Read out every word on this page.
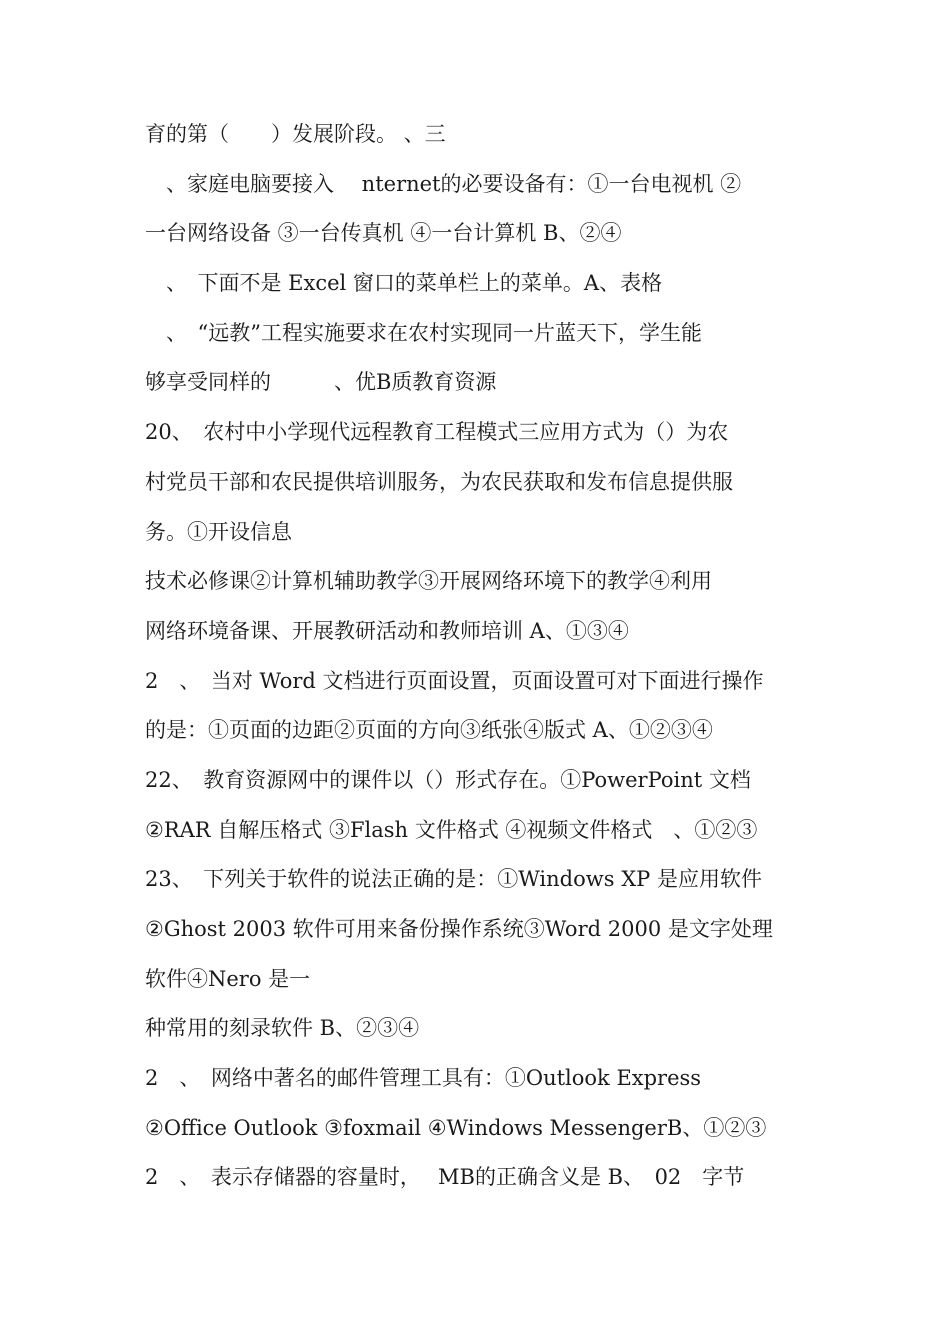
育的第（　　）发展阶段。 、三
　、家庭电脑要接入　 nternet的必要设备有：①一台电视机 ②
一台网络设备 ③一台传真机 ④一台计算机 B、②④
　、　下面不是 Excel 窗口的菜单栏上的菜单。A、表格
　、　“远教”工程实施要求在农村实现同一片蓝天下，学生能
够享受同样的　　　、优B质教育资源
20、　农村中小学现代远程教育工程模式三应用方式为（）为农
村党员干部和农民提供培训服务，为农民获取和发布信息提供服
务。①开设信息
技术必修课②计算机辅助教学③开展网络环境下的教学④利用
网络环境备课、开展教研活动和教师培训 A、①③④
2　、　当对 Word 文档进行页面设置，页面设置可对下面进行操作
的是：①页面的边距②页面的方向③纸张④版式 A、①②③④
22、　教育资源网中的课件以（）形式存在。①PowerPoint 文档
②RAR 自解压格式 ③Flash 文件格式 ④视频文件格式　、①②③
23、　下列关于软件的说法正确的是：①Windows XP 是应用软件
②Ghost 2003 软件可用来备份操作系统③Word 2000 是文字处理
软件④Nero 是一
种常用的刻录软件 B、②③④
2　、　网络中著名的邮件管理工具有：①Outlook Express
②Office Outlook ③foxmail ④Windows MessengerB、①②③
2　、　表示存储器的容量时，　 MB的正确含义是 B、　02　字节
